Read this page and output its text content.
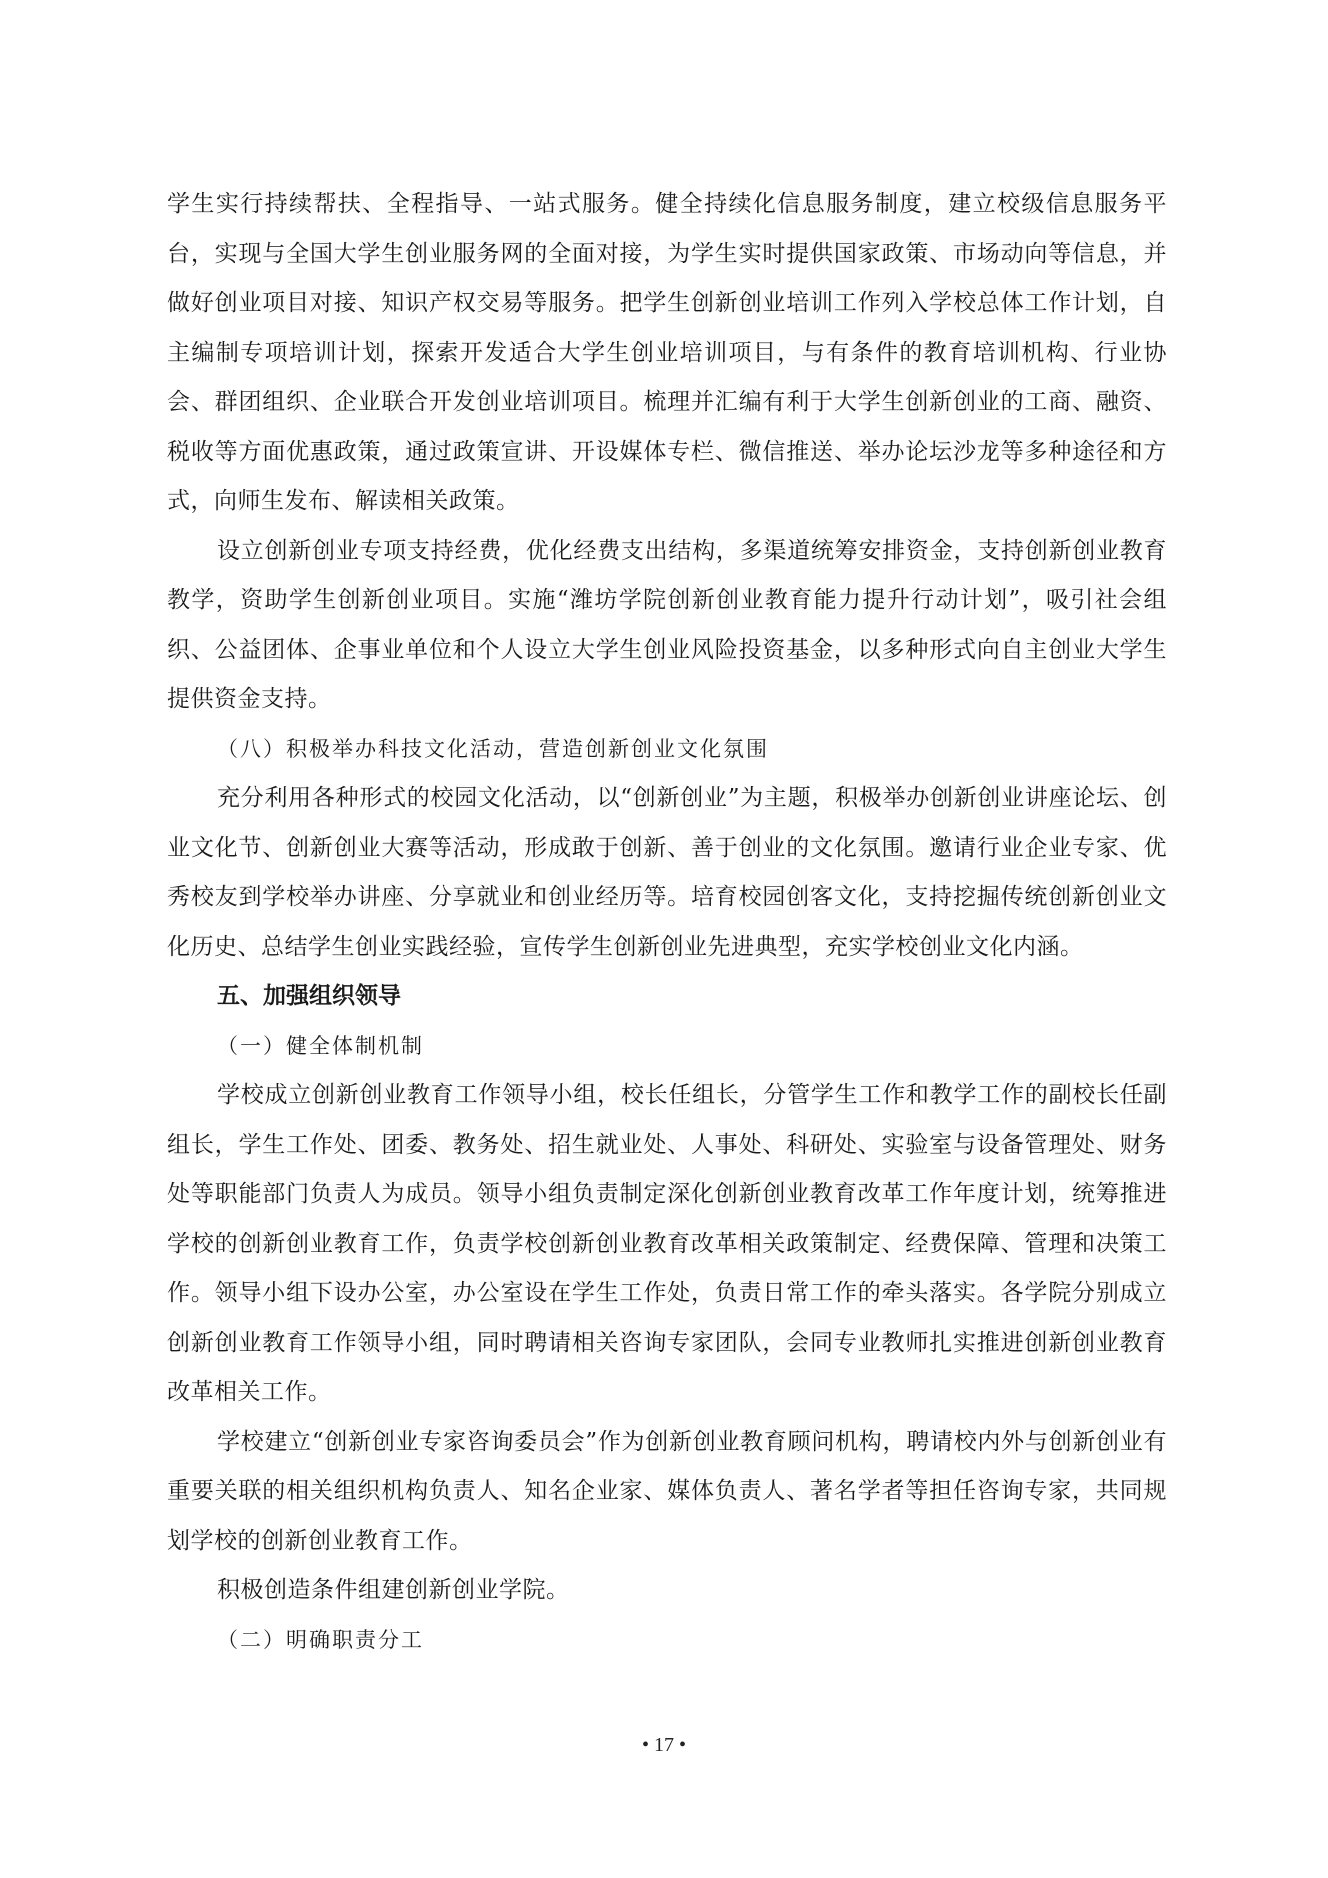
学生实行持续帮扶、全程指导、一站式服务。健全持续化信息服务制度，建立校级信息服务平台，实现与全国大学生创业服务网的全面对接，为学生实时提供国家政策、市场动向等信息，并做好创业项目对接、知识产权交易等服务。把学生创新创业培训工作列入学校总体工作计划，自主编制专项培训计划，探索开发适合大学生创业培训项目，与有条件的教育培训机构、行业协会、群团组织、企业联合开发创业培训项目。梳理并汇编有利于大学生创新创业的工商、融资、税收等方面优惠政策，通过政策宣讲、开设媒体专栏、微信推送、举办论坛沙龙等多种途径和方式，向师生发布、解读相关政策。

设立创新创业专项支持经费，优化经费支出结构，多渠道统筹安排资金，支持创新创业教育教学，资助学生创新创业项目。实施“潍坊学院创新创业教育能力提升行动计划”，吸引社会组织、公益团体、企事业单位和个人设立大学生创业风险投资基金，以多种形式向自主创业大学生提供资金支持。

（八）积极举办科技文化活动，营造创新创业文化氛围

充分利用各种形式的校园文化活动，以“创新创业”为主题，积极举办创新创业讲座论坛、创业文化节、创新创业大赛等活动，形成敢于创新、善于创业的文化氛围。邀请行业企业专家、优秀校友到学校举办讲座、分享就业和创业经历等。培育校园创客文化，支持挖掘传统创新创业文化历史、总结学生创业实践经验，宣传学生创新创业先进典型，充实学校创业文化内涵。

五、加强组织领导

（一）健全体制机制

学校成立创新创业教育工作领导小组，校长任组长，分管学生工作和教学工作的副校长任副组长，学生工作处、团委、教务处、招生就业处、人事处、科研处、实验室与设备管理处、财务处等职能部门负责人为成员。领导小组负责制定深化创新创业教育改革工作年度计划，统筹推进学校的创新创业教育工作，负责学校创新创业教育改革相关政策制定、经费保障、管理和决策工作。领导小组下设办公室，办公室设在学生工作处，负责日常工作的牵头落实。各学院分别成立创新创业教育工作领导小组，同时聘请相关咨询专家团队，会同专业教师扎实推进创新创业教育改革相关工作。

学校建立“创新创业专家咨询委员会”作为创新创业教育顾问机构，聘请校内外与创新创业有重要关联的相关组织机构负责人、知名企业家、媒体负责人、著名学者等担任咨询专家，共同规划学校的创新创业教育工作。

积极创造条件组建创新创业学院。

（二）明确职责分工

• 17 •
